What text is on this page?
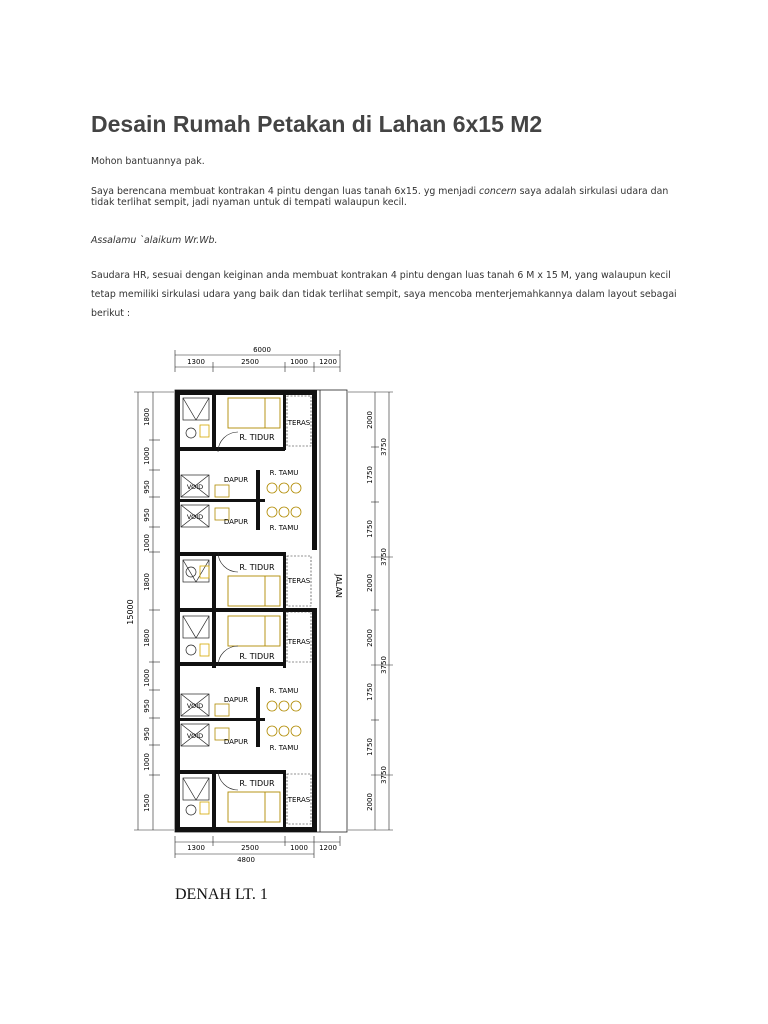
Desain Rumah Petakan di Lahan 6x15 M2

Mohon bantuannya pak.

Saya berencana membuat kontrakan 4 pintu dengan luas tanah 6x15. yg menjadi concern saya adalah sirkulasi udara dan tidak terlihat sempit, jadi nyaman untuk di tempati walaupun kecil.

Assalamu `alaikum Wr.Wb.

Saudara HR, sesuai dengan keiginan anda membuat kontrakan 4 pintu dengan luas tanah 6 M x 15 M, yang walaupun kecil tetap memiliki sirkulasi udara yang baik dan tidak terlihat sempit, saya mencoba menterjemahkannya dalam layout sebagai berikut :

6000
1300	2500	1000 1200
15000
1800
1000
950
950
1000
1800
1800
1000
950
950
1000
1500
2000
1750
1750
2000
2000
1750
1750
2000
3750
3750
3750
3750
JALAN
VOID
VOID
VOID
VOID
DAPUR
DAPUR
DAPUR
DAPUR
R. TIDUR
R. TIDUR
R. TIDUR
R. TIDUR
TERAS
TERAS
TERAS
TERAS
R. TAMU
R. TAMU
R. TAMU
R. TAMU
1300	2500	1000 1200
4800

DENAH LT. 1
